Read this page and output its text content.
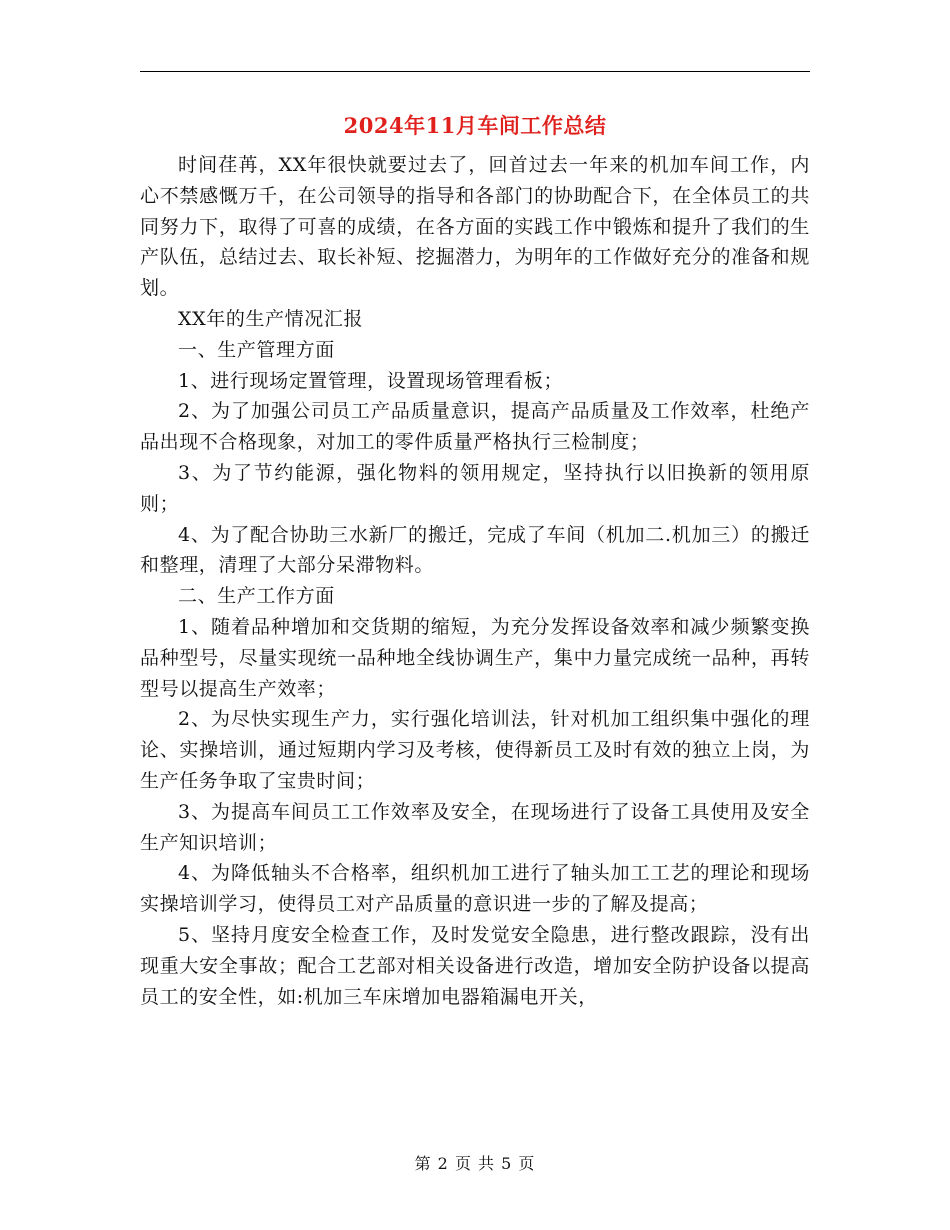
2024年11月车间工作总结

时间荏苒，XX年很快就要过去了，回首过去一年来的机加车间工作，内心不禁感慨万千，在公司领导的指导和各部门的协助配合下，在全体员工的共同努力下，取得了可喜的成绩，在各方面的实践工作中锻炼和提升了我们的生产队伍，总结过去、取长补短、挖掘潜力，为明年的工作做好充分的准备和规划。

XX年的生产情况汇报

一、生产管理方面

1、进行现场定置管理，设置现场管理看板；

2、为了加强公司员工产品质量意识，提高产品质量及工作效率，杜绝产品出现不合格现象，对加工的零件质量严格执行三检制度；

3、为了节约能源，强化物料的领用规定，坚持执行以旧换新的领用原则；

4、为了配合协助三水新厂的搬迁，完成了车间（机加二.机加三）的搬迁和整理，清理了大部分呆滞物料。

二、生产工作方面

1、随着品种增加和交货期的缩短，为充分发挥设备效率和减少频繁变换品种型号，尽量实现统一品种地全线协调生产，集中力量完成统一品种，再转型号以提高生产效率；

2、为尽快实现生产力，实行强化培训法，针对机加工组织集中强化的理论、实操培训，通过短期内学习及考核，使得新员工及时有效的独立上岗，为生产任务争取了宝贵时间；

3、为提高车间员工工作效率及安全，在现场进行了设备工具使用及安全生产知识培训；

4、为降低轴头不合格率，组织机加工进行了轴头加工工艺的理论和现场实操培训学习，使得员工对产品质量的意识进一步的了解及提高；

5、坚持月度安全检查工作，及时发觉安全隐患，进行整改跟踪，没有出现重大安全事故；配合工艺部对相关设备进行改造，增加安全防护设备以提高员工的安全性，如:机加三车床增加电器箱漏电开关，

第 2 页 共 5 页
